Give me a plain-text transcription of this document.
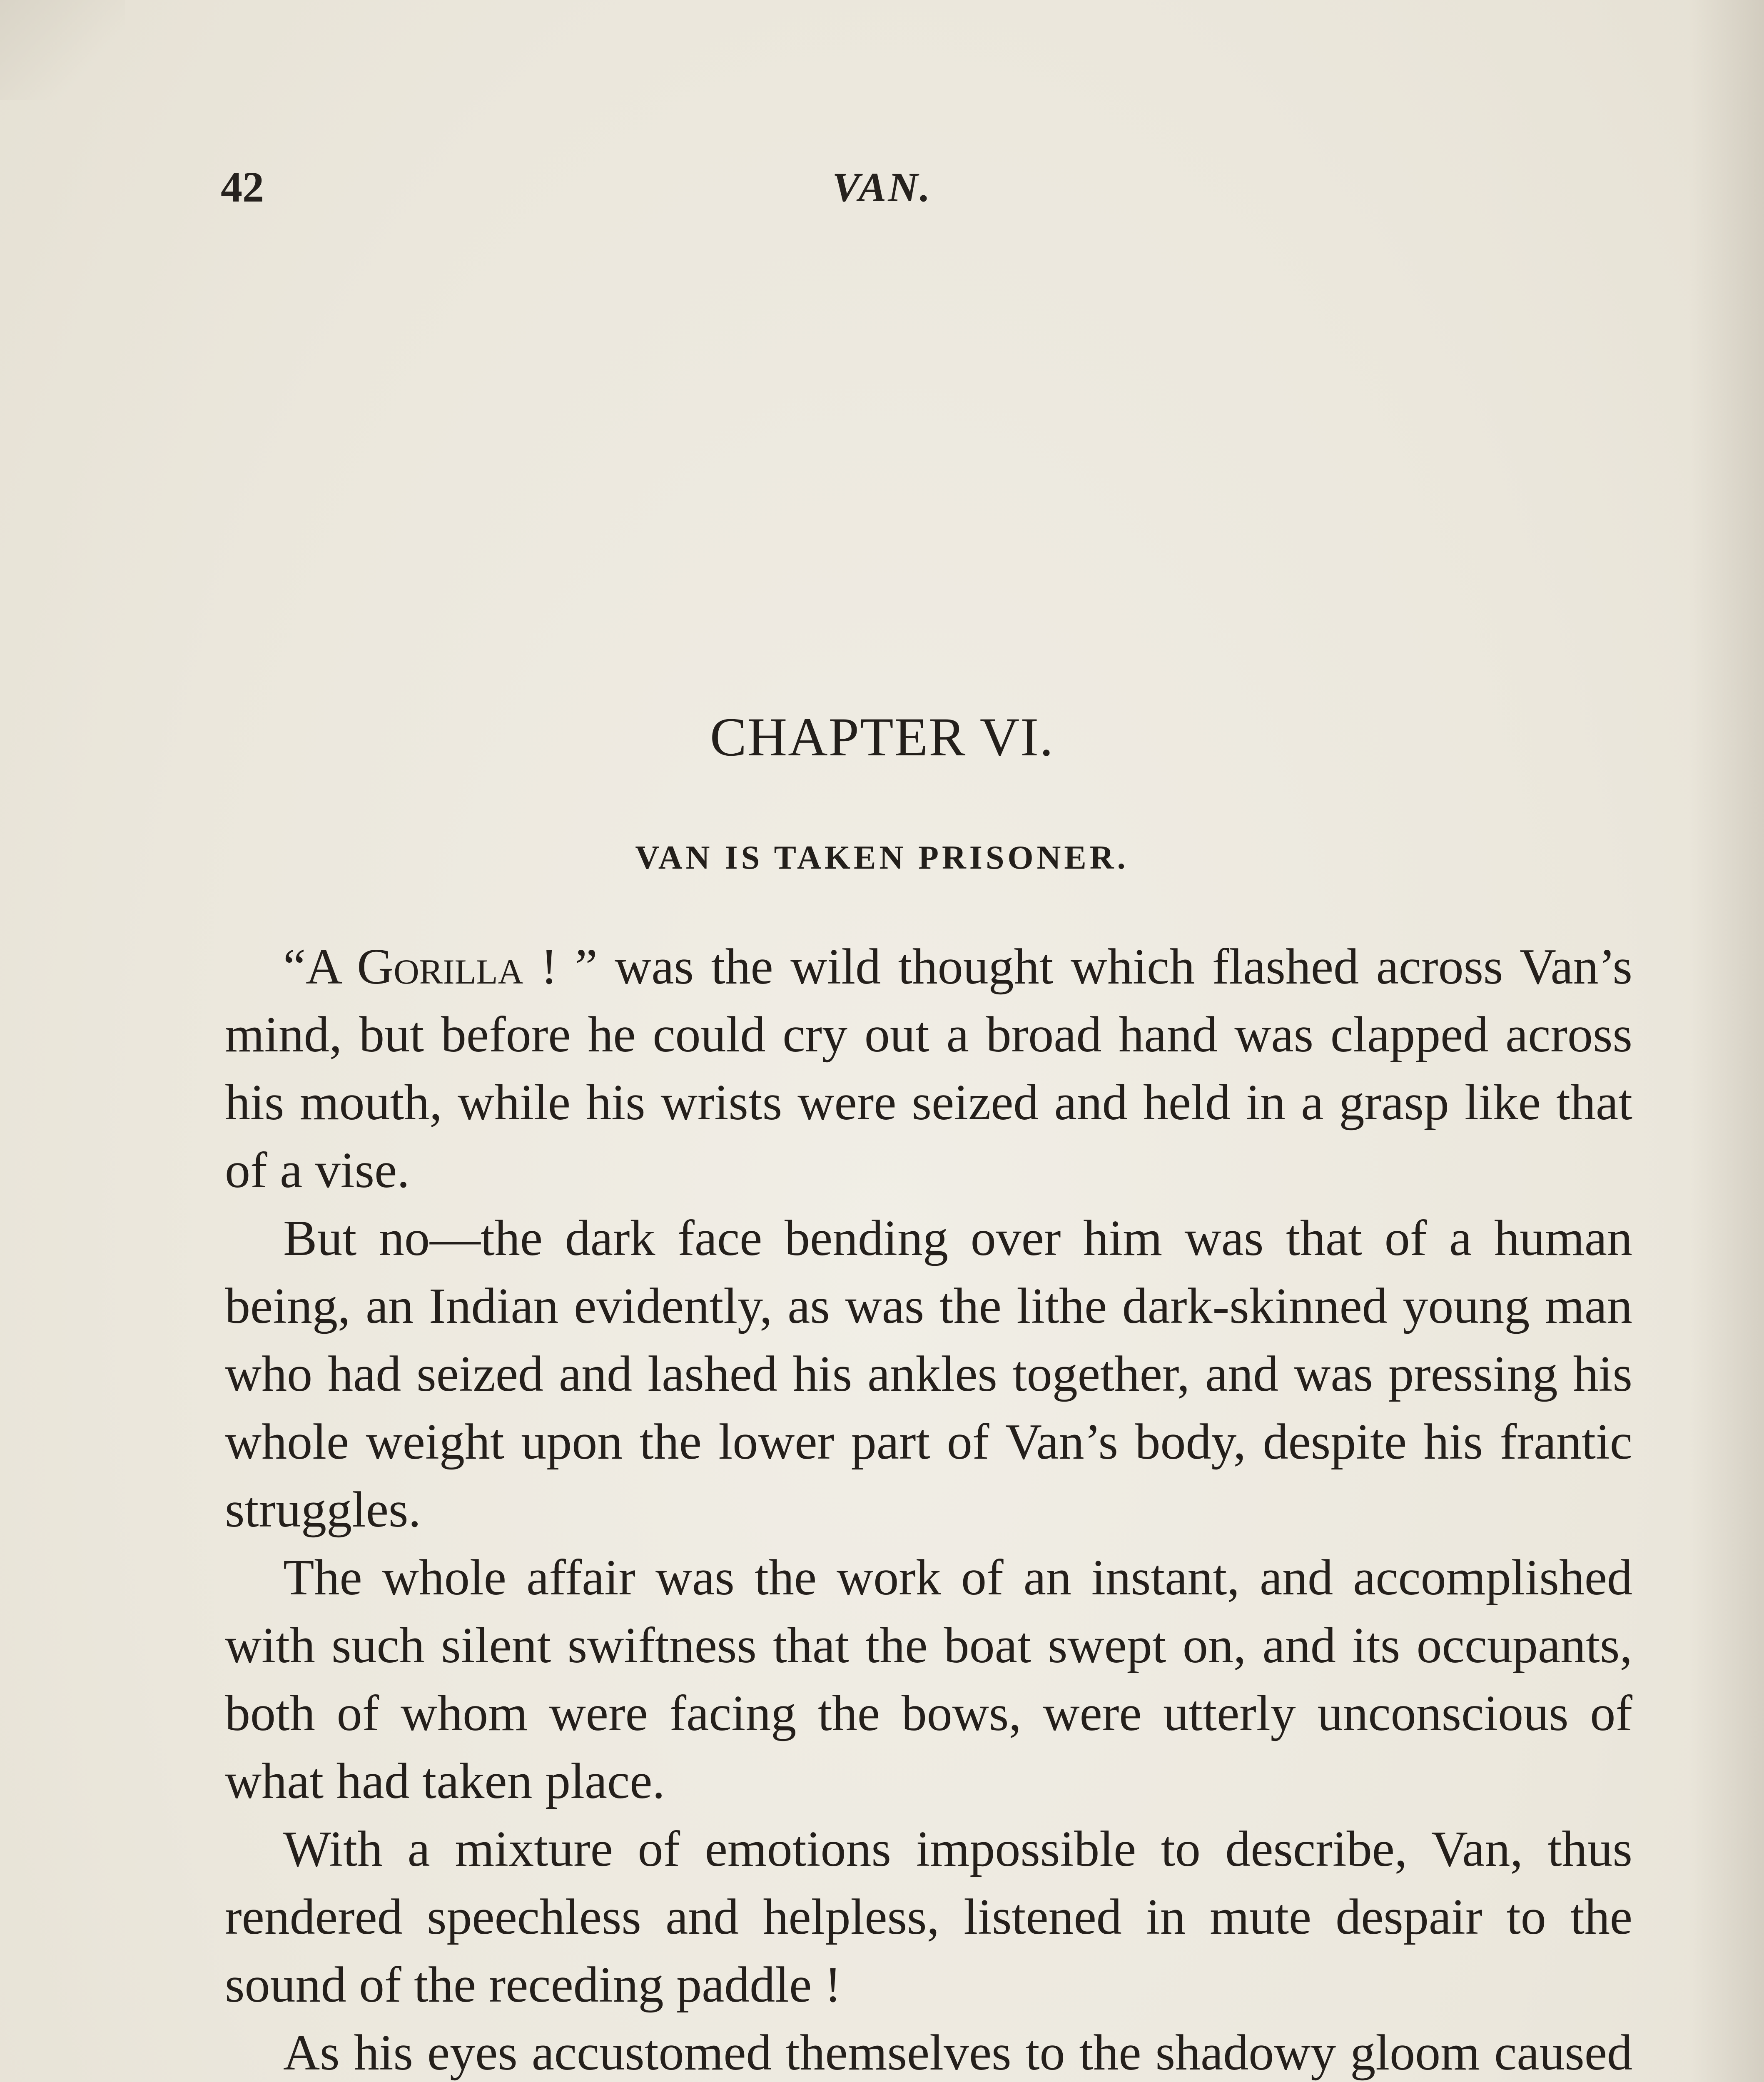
42	VAN.
CHAPTER VI.
VAN IS TAKEN PRISONER.

“A Gorilla ! ” was the wild thought which flashed across Van’s mind, but before he could cry out a broad hand was clapped across his mouth, while his wrists were seized and held in a grasp like that of a vise.

But no—the dark face bending over him was that of a human being, an Indian evidently, as was the lithe dark-skinned young man who had seized and lashed his ankles together, and was pressing his whole weight upon the lower part of Van’s body, despite his frantic struggles.

The whole affair was the work of an instant, and accomplished with such silent swiftness that the boat swept on, and its occupants, both of whom were facing the bows, were utterly unconscious of what had taken place.

With a mixture of emotions impossible to describe, Van, thus rendered speechless and helpless, listened in mute despair to the sound of the receding paddle !

As his eyes accustomed themselves to the shadowy gloom caused
